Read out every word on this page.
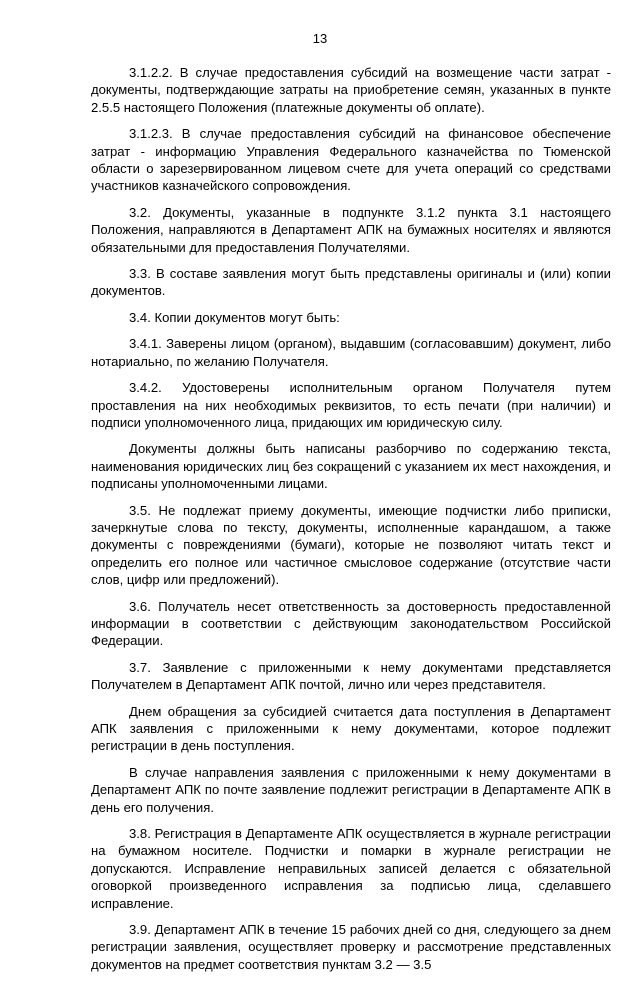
13

3.1.2.2. В случае предоставления субсидий на возмещение части затрат - документы, подтверждающие затраты на приобретение семян, указанных в пункте 2.5.5 настоящего Положения (платежные документы об оплате).

3.1.2.3. В случае предоставления субсидий на финансовое обеспечение затрат - информацию Управления Федерального казначейства по Тюменской области о зарезервированном лицевом счете для учета операций со средствами участников казначейского сопровождения.

3.2. Документы, указанные в подпункте 3.1.2 пункта 3.1 настоящего Положения, направляются в Департамент АПК на бумажных носителях и являются обязательными для предоставления Получателями.

3.3. В составе заявления могут быть представлены оригиналы и (или) копии документов.

3.4. Копии документов могут быть:

3.4.1. Заверены лицом (органом), выдавшим (согласовавшим) документ, либо нотариально, по желанию Получателя.

3.4.2. Удостоверены исполнительным органом Получателя путем проставления на них необходимых реквизитов, то есть печати (при наличии) и подписи уполномоченного лица, придающих им юридическую силу.

Документы должны быть написаны разборчиво по содержанию текста, наименования юридических лиц без сокращений с указанием их мест нахождения, и подписаны уполномоченными лицами.

3.5. Не подлежат приему документы, имеющие подчистки либо приписки, зачеркнутые слова по тексту, документы, исполненные карандашом, а также документы с повреждениями (бумаги), которые не позволяют читать текст и определить его полное или частичное смысловое содержание (отсутствие части слов, цифр или предложений).

3.6. Получатель несет ответственность за достоверность предоставленной информации в соответствии с действующим законодательством Российской Федерации.

3.7. Заявление с приложенными к нему документами представляется Получателем в Департамент АПК почтой, лично или через представителя.

Днем обращения за субсидией считается дата поступления в Департамент АПК заявления с приложенными к нему документами, которое подлежит регистрации в день поступления.

В случае направления заявления с приложенными к нему документами в Департамент АПК по почте заявление подлежит регистрации в Департаменте АПК в день его получения.

3.8. Регистрация в Департаменте АПК осуществляется в журнале регистрации на бумажном носителе. Подчистки и помарки в журнале регистрации не допускаются. Исправление неправильных записей делается с обязательной оговоркой произведенного исправления за подписью лица, сделавшего исправление.

3.9. Департамент АПК в течение 15 рабочих дней со дня, следующего за днем регистрации заявления, осуществляет проверку и рассмотрение представленных документов на предмет соответствия пунктам 3.2 — 3.5
